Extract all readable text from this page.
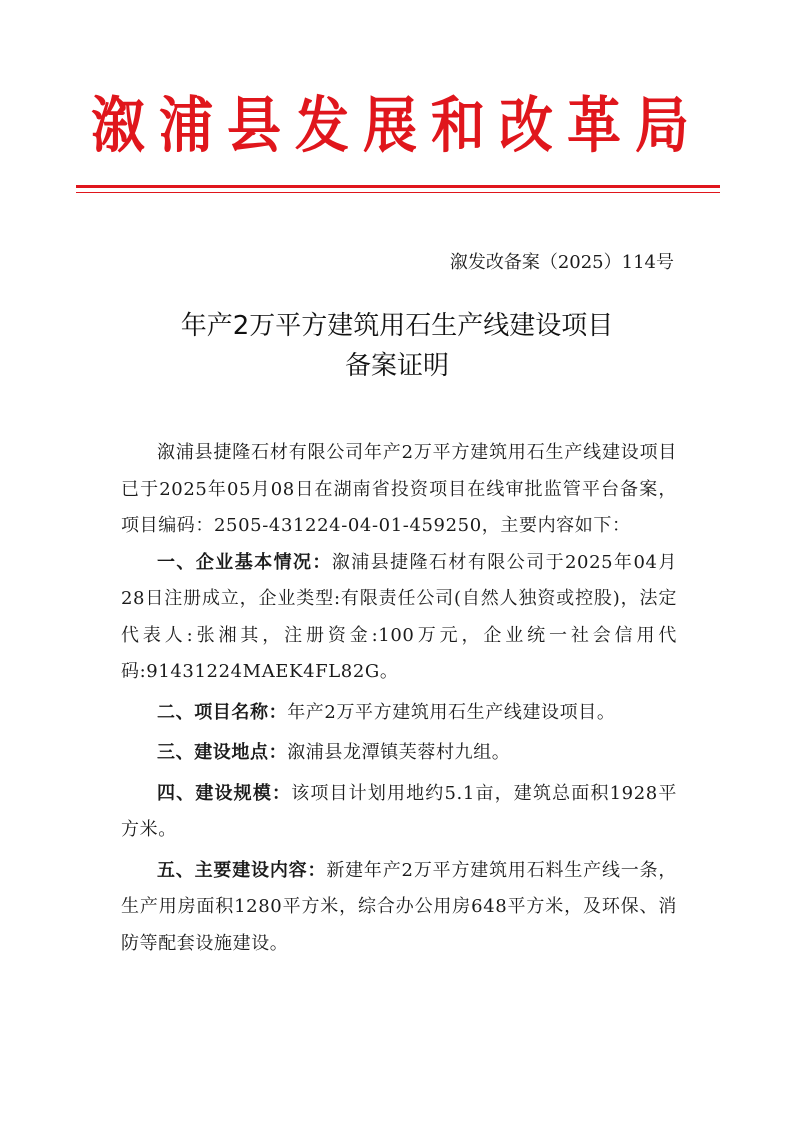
溆浦县发展和改革局
溆发改备案（2025）114号
年产2万平方建筑用石生产线建设项目
备案证明

溆浦县捷隆石材有限公司年产2万平方建筑用石生产线建设项目已于2025年05月08日在湖南省投资项目在线审批监管平台备案，项目编码：2505-431224-04-01-459250，主要内容如下：

一、企业基本情况：溆浦县捷隆石材有限公司于2025年04月28日注册成立，企业类型:有限责任公司(自然人独资或控股)，法定代表人:张湘其，注册资金:100万元，企业统一社会信用代码:91431224MAEK4FL82G。

二、项目名称：年产2万平方建筑用石生产线建设项目。

三、建设地点：溆浦县龙潭镇芙蓉村九组。

四、建设规模：该项目计划用地约5.1亩，建筑总面积1928平方米。

五、主要建设内容：新建年产2万平方建筑用石料生产线一条，生产用房面积1280平方米，综合办公用房648平方米，及环保、消防等配套设施建设。
